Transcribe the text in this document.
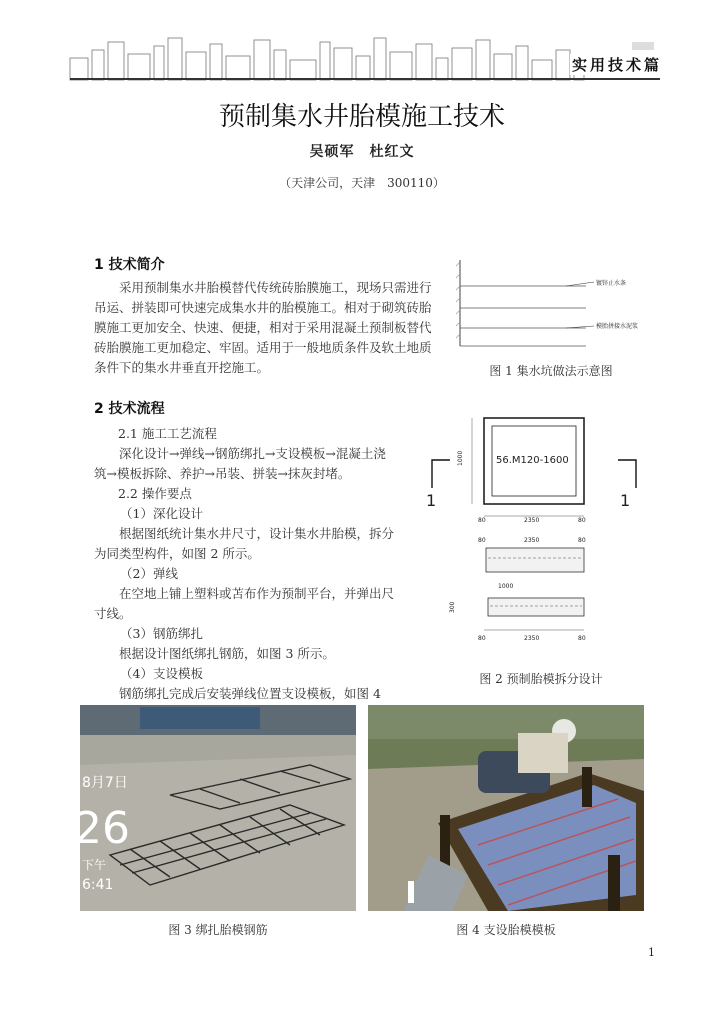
实用技术篇
预制集水井胎模施工技术
吴硕军　杜红文
（天津公司，天津　300110）
1 技术简介

采用预制集水井胎模替代传统砖胎膜施工，现场只需进行吊运、拼装即可快速完成集水井的胎模施工。相对于砌筑砖胎膜施工更加安全、快速、便捷，相对于采用混凝土预制板替代砖胎膜施工更加稳定、牢固。适用于一般地质条件及软土地质条件下的集水井垂直开挖施工。

镀锌止水条
模胎拼接水泥浆
图 1 集水坑做法示意图
2 技术流程

2.1 施工工艺流程

深化设计→弹线→钢筋绑扎→支设模板→混凝土浇筑→模板拆除、养护→吊装、拼装→抹灰封堵。

2.2 操作要点

（1）深化设计

根据图纸统计集水井尺寸，设计集水井胎模，拆分为同类型构件，如图 2 所示。

（2）弹线

在空地上铺上塑料或苫布作为预制平台，并弹出尺寸线。

（3）钢筋绑扎

根据设计图纸绑扎钢筋，如图 3 所示。

（4）支设模板

钢筋绑扎完成后安装弹线位置支设模板，如图 4

56.M120-1600
1000
1	1
80	2350	80
80	2350	80
1000
300
80	2350	80
图 2 预制胎模拆分设计
8月7日
26
下午
6:41
图 3 绑扎胎模钢筋	图 4 支设胎模模板
1
